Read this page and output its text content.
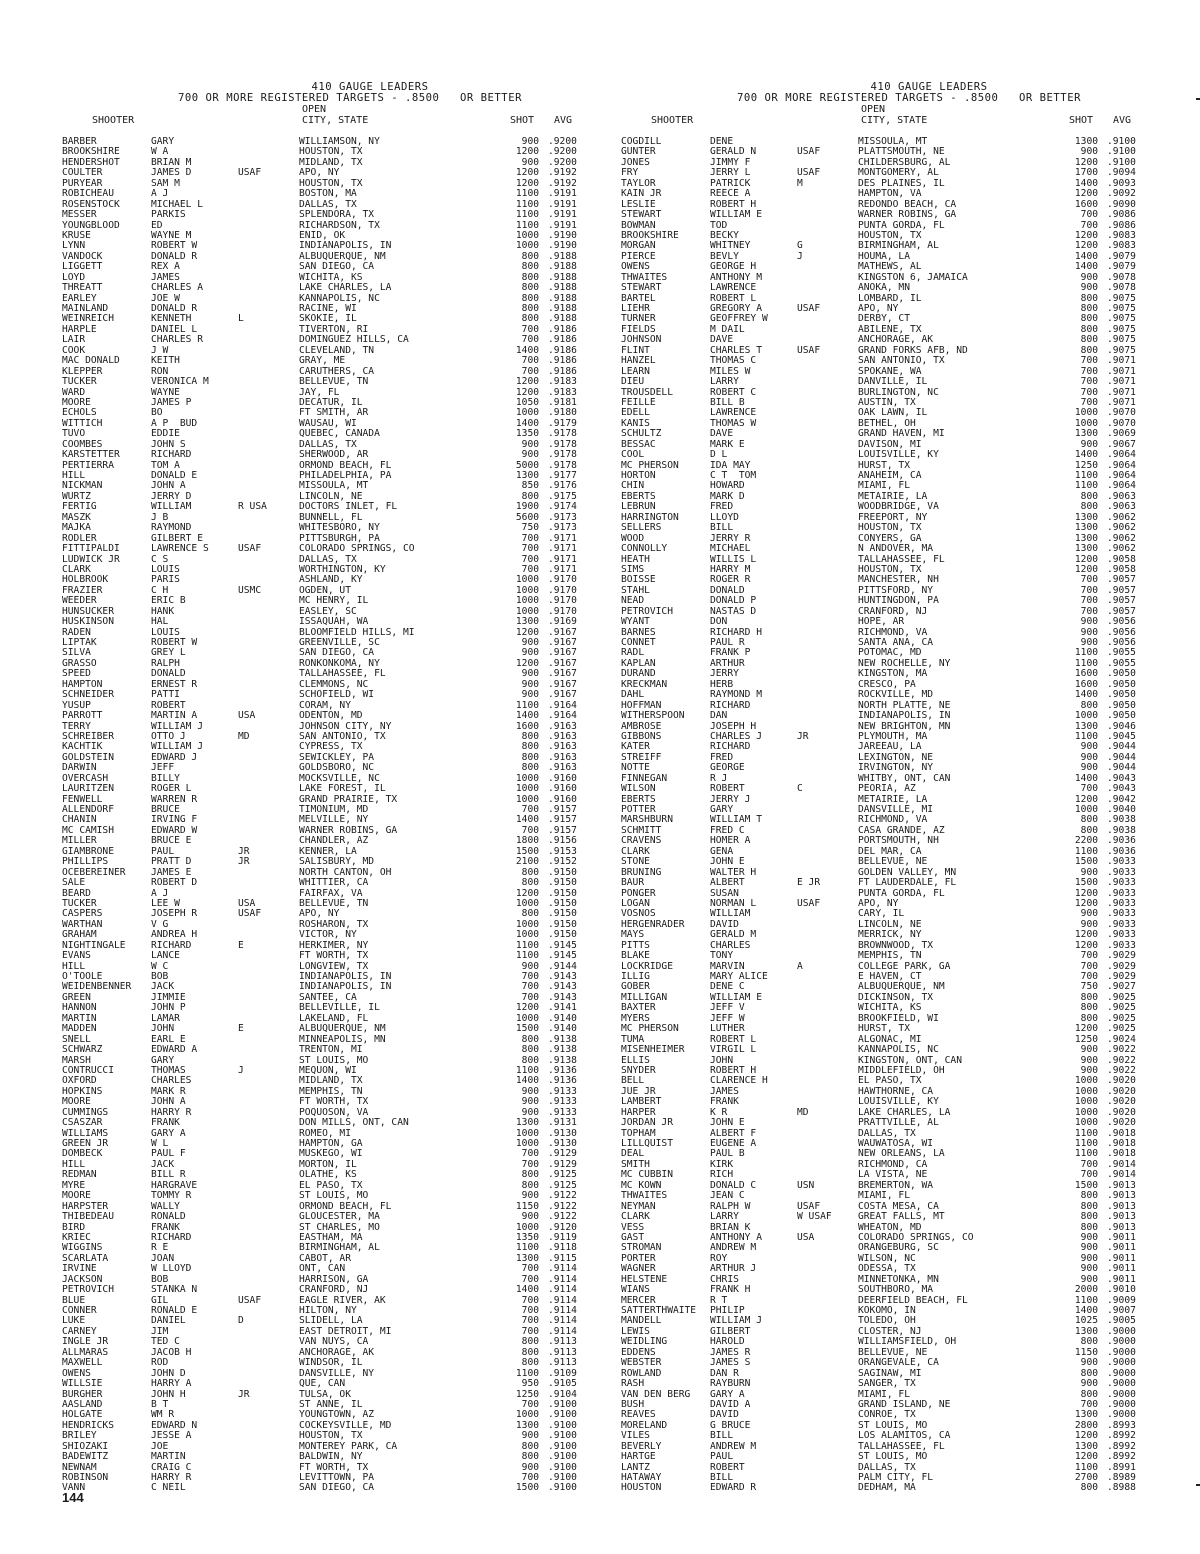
410 GAUGE LEADERS
700 OR MORE REGISTERED TARGETS - .8500   OR BETTER
SHOOTER
OPEN
CITY, STATE	SHOT AVG
BARBER	GARY	WILLIAMSON, NY	900 .9200
BROOKSHIRE	W A	HOUSTON, TX	1200 .9200
HENDERSHOT	BRIAN M	MIDLAND, TX	900 .9200
COULTER	JAMES D	USAF	APO, NY	1200 .9192
PURYEAR	SAM M	HOUSTON, TX	1200 .9192
ROBICHEAU	A J	BOSTON, MA	1100 .9191
ROSENSTOCK	MICHAEL L	DALLAS, TX	1100 .9191
MESSER	PARKIS	SPLENDORA, TX	1100 .9191
YOUNGBLOOD	ED	RICHARDSON, TX	1100 .9191
KRUSE	WAYNE M	ENID, OK	1000 .9190
LYNN	ROBERT W	INDIANAPOLIS, IN	1000 .9190
VANDOCK	DONALD R	ALBUQUERQUE, NM	800 .9188
LIGGETT	REX A	SAN DIEGO, CA	800 .9188
LOYD	JAMES	WICHITA, KS	800 .9188
THREATT	CHARLES A	LAKE CHARLES, LA	800 .9188
EARLEY	JOE W	KANNAPOLIS, NC	800 .9188
MAINLAND	DONALD R	RACINE, WI	800 .9188
WEINREICH	KENNETH	L	SKOKIE, IL	800 .9188
HARPLE	DANIEL L	TIVERTON, RI	700 .9186
LAIR	CHARLES R	DOMINGUEZ HILLS, CA	700 .9186
COOK	J W	CLEVELAND, TN	1400 .9186
MAC DONALD	KEITH	GRAY, ME	700 .9186
KLEPPER	RON	CARUTHERS, CA	700 .9186
TUCKER	VERONICA M	BELLEVUE, TN	1200 .9183
WARD	WAYNE	JAY, FL	1200 .9183
MOORE	JAMES P	DECATUR, IL	1050 .9181
ECHOLS	BO	FT SMITH, AR	1000 .9180
WITTICH	A P  BUD	WAUSAU, WI	1400 .9179
TUVO	EDDIE	QUEBEC, CANADA	1350 .9178
COOMBES	JOHN S	DALLAS, TX	900 .9178
KARSTETTER	RICHARD	SHERWOOD, AR	900 .9178
PERTIERRA	TOM A	ORMOND BEACH, FL	5000 .9178
HILL	DONALD E	PHILADELPHIA, PA	1300 .9177
NICKMAN	JOHN A	MISSOULA, MT	850 .9176
WURTZ	JERRY D	LINCOLN, NE	800 .9175
FERTIG	WILLIAM	R USA	DOCTORS INLET, FL	1900 .9174
MASZK	J B	BUNNELL, FL	5600 .9173
MAJKA	RAYMOND	WHITESBORO, NY	750 .9173
RODLER	GILBERT E	PITTSBURGH, PA	700 .9171
FITTIPALDI	LAWRENCE S	USAF	COLORADO SPRINGS, CO	700 .9171
LUDWICK JR	C S	DALLAS, TX	700 .9171
CLARK	LOUIS	WORTHINGTON, KY	700 .9171
HOLBROOK	PARIS	ASHLAND, KY	1000 .9170
FRAZIER	C H	USMC	OGDEN, UT	1000 .9170
WEEDER	ERIC B	MC HENRY, IL	1000 .9170
HUNSUCKER	HANK	EASLEY, SC	1000 .9170
HUSKINSON	HAL	ISSAQUAH, WA	1300 .9169
RADEN	LOUIS	BLOOMFIELD HILLS, MI	1200 .9167
LIPTAK	ROBERT W	GREENVILLE, SC	900 .9167
SILVA	GREY L	SAN DIEGO, CA	900 .9167
GRASSO	RALPH	RONKONKOMA, NY	1200 .9167
SPEED	DONALD	TALLAHASSEE, FL	900 .9167
HAMPTON	ERNEST R	CLEMMONS, NC	900 .9167
SCHNEIDER	PATTI	SCHOFIELD, WI	900 .9167
YUSUP	ROBERT	CORAM, NY	1100 .9164
PARROTT	MARTIN A	USA	ODENTON, MD	1400 .9164
TERRY	WILLIAM J	JOHNSON CITY, NY	1600 .9163
SCHREIBER	OTTO J	MD	SAN ANTONIO, TX	800 .9163
KACHTIK	WILLIAM J	CYPRESS, TX	800 .9163
GOLDSTEIN	EDWARD J	SEWICKLEY, PA	800 .9163
DARWIN	JEFF	GOLDSBORO, NC	800 .9163
OVERCASH	BILLY	MOCKSVILLE, NC	1000 .9160
LAURITZEN	ROGER L	LAKE FOREST, IL	1000 .9160
FENWELL	WARREN R	GRAND PRAIRIE, TX	1000 .9160
ALLENDORF	BRUCE	TIMONIUM, MD	700 .9157
CHANIN	IRVING F	MELVILLE, NY	1400 .9157
MC CAMISH	EDWARD W	WARNER ROBINS, GA	700 .9157
MILLER	BRUCE E	CHANDLER, AZ	1800 .9156
GIAMBRONE	PAUL	JR	KENNER, LA	1500 .9153
PHILLIPS	PRATT D	JR	SALISBURY, MD	2100 .9152
OCEBEREINER	JAMES E	NORTH CANTON, OH	800 .9150
SALE	ROBERT D	WHITTIER, CA	800 .9150
BEARD	A J	FAIRFAX, VA	1200 .9150
TUCKER	LEE W	USA	BELLEVUE, TN	1000 .9150
CASPERS	JOSEPH R	USAF	APO, NY	800 .9150
WARTHAN	V G	ROSHARON, TX	1000 .9150
GRAHAM	ANDREA H	VICTOR, NY	1000 .9150
NIGHTINGALE	RICHARD	E	HERKIMER, NY	1100 .9145
EVANS	LANCE	FT WORTH, TX	1100 .9145
HILL	W C	LONGVIEW, TX	900 .9144
O'TOOLE	BOB	INDIANAPOLIS, IN	700 .9143
WEIDENBENNER JACK	INDIANAPOLIS, IN	700 .9143
GREEN	JIMMIE	SANTEE, CA	700 .9143
HANNON	JOHN P	BELLEVILLE, IL	1200 .9141
MARTIN	LAMAR	LAKELAND, FL	1000 .9140
MADDEN	JOHN	E	ALBUQUERQUE, NM	1500 .9140
SNELL	EARL E	MINNEAPOLIS, MN	800 .9138
SCHWARZ	EDWARD A	TRENTON, MI	800 .9138
MARSH	GARY	ST LOUIS, MO	800 .9138
CONTRUCCI	THOMAS	J	MEQUON, WI	1100 .9136
OXFORD	CHARLES	MIDLAND, TX	1400 .9136
HOPKINS	MARK R	MEMPHIS, TN	900 .9133
MOORE	JOHN A	FT WORTH, TX	900 .9133
CUMMINGS	HARRY R	POQUOSON, VA	900 .9133
CSASZAR	FRANK	DON MILLS, ONT, CAN	1300 .9131
WILLIAMS	GARY A	ROMEO, MI	1000 .9130
GREEN JR	W L	HAMPTON, GA	1000 .9130
DOMBECK	PAUL F	MUSKEGO, WI	700 .9129
HILL	JACK	MORTON, IL	700 .9129
REDMAN	BILL R	OLATHE, KS	800 .9125
MYRE	HARGRAVE	EL PASO, TX	800 .9125
MOORE	TOMMY R	ST LOUIS, MO	900 .9122
HARPSTER	WALLY	ORMOND BEACH, FL	1150 .9122
THIBEDEAU	RONALD	GLOUCESTER, MA	900 .9122
BIRD	FRANK	ST CHARLES, MO	1000 .9120
KRIEC	RICHARD	EASTHAM, MA	1350 .9119
WIGGINS	R E	BIRMINGHAM, AL	1100 .9118
SCARLATA	JOAN	CABOT, AR	1300 .9115
IRVINE	W LLOYD	ONT, CAN	700 .9114
JACKSON	BOB	HARRISON, GA	700 .9114
PETROVICH	STANKA N	CRANFORD, NJ	1400 .9114
BLUE	GIL	USAF	EAGLE RIVER, AK	700 .9114
CONNER	RONALD E	HILTON, NY	700 .9114
LUKE	DANIEL	D	SLIDELL, LA	700 .9114
CARNEY	JIM	EAST DETROIT, MI	700 .9114
INGLE JR	TED C	VAN NUYS, CA	800 .9113
ALLMARAS	JACOB H	ANCHORAGE, AK	800 .9113
MAXWELL	ROD	WINDSOR, IL	800 .9113
OWENS	JOHN D	DANSVILLE, NY	1100 .9109
WILLSIE	HARRY A	QUE, CAN	950 .9105
BURGHER	JOHN H	JR	TULSA, OK	1250 .9104
AASLAND	B T	ST ANNE, IL	700 .9100
HOLGATE	WM R	YOUNGTOWN, AZ	1000 .9100
HENDRICKS	EDWARD N	COCKEYSVILLE, MD	1300 .9100
BRILEY	JESSE A	HOUSTON, TX	900 .9100
SHIOZAKI	JOE	MONTEREY PARK, CA	800 .9100
BADEWITZ	MARTIN	BALDWIN, NY	800 .9100
NEWNAM	CRAIG C	FT WORTH, TX	900 .9100
ROBINSON	HARRY R	LEVITTOWN, PA	700 .9100
VANN	C NEIL	SAN DIEGO, CA	1500 .9100
410 GAUGE LEADERS
700 OR MORE REGISTERED TARGETS - .8500   OR BETTER
SHOOTER
OPEN
CITY, STATE	SHOT AVG
COGDILL	DENE	MISSOULA, MT	1300 .9100
GUNTER	GERALD N	USAF	PLATTSMOUTH, NE	900 .9100
JONES	JIMMY F	CHILDERSBURG, AL	1200 .9100
FRY	JERRY L	USAF	MONTGOMERY, AL	1700 .9094
TAYLOR	PATRICK	M	DES PLAINES, IL	1400 .9093
KAIN JR	REECE A	HAMPTON, VA	1200 .9092
LESLIE	ROBERT H	REDONDO BEACH, CA	1600 .9090
STEWART	WILLIAM E	WARNER ROBINS, GA	700 .9086
BOWMAN	TOD	PUNTA GORDA, FL	700 .9086
BROOKSHIRE	BECKY	HOUSTON, TX	1200 .9083
MORGAN	WHITNEY	G	BIRMINGHAM, AL	1200 .9083
PIERCE	BEVLY	J	HOUMA, LA	1400 .9079
OWENS	GEORGE H	MATHEWS, AL	1400 .9079
THWAITES	ANTHONY M	KINGSTON 6, JAMAICA	900 .9078
STEWART	LAWRENCE	ANOKA, MN	900 .9078
BARTEL	ROBERT L	LOMBARD, IL	800 .9075
LIEHR	GREGORY A	USAF	APO, NY	800 .9075
TURNER	GEOFFREY W	DERBY, CT	800 .9075
FIELDS	M DAIL	ABILENE, TX	800 .9075
JOHNSON	DAVE	ANCHORAGE, AK	800 .9075
FLINT	CHARLES T	USAF	GRAND FORKS AFB, ND	800 .9075
HANZEL	THOMAS C	SAN ANTONIO, TX	700 .9071
LEARN	MILES W	SPOKANE, WA	700 .9071
DIEU	LARRY	DANVILLE, IL	700 .9071
TROUSDELL	ROBERT C	BURLINGTON, NC	700 .9071
FEILLE	BILL B	AUSTIN, TX	700 .9071
EDELL	LAWRENCE	OAK LAWN, IL	1000 .9070
KANIS	THOMAS W	BETHEL, OH	1000 .9070
SCHULTZ	DAVE	GRAND HAVEN, MI	1300 .9069
BESSAC	MARK E	DAVISON, MI	900 .9067
COOL	D L	LOUISVILLE, KY	1400 .9064
MC PHERSON	IDA MAY	HURST, TX	1250 .9064
HORTON	C T  TOM	ANAHEIM, CA	1100 .9064
CHIN	HOWARD	MIAMI, FL	1100 .9064
EBERTS	MARK D	METAIRIE, LA	800 .9063
LEBRUN	FRED	WOODBRIDGE, VA	800 .9063
HARRINGTON	LLOYD	FREEPORT, NY	1300 .9062
SELLERS	BILL	HOUSTON, TX	1300 .9062
WOOD	JERRY R	CONYERS, GA	1300 .9062
CONNOLLY	MICHAEL	N ANDOVER, MA	1300 .9062
HEATH	WILLIS L	TALLAHASSEE, FL	1200 .9058
SIMS	HARRY M	HOUSTON, TX	1200 .9058
BOISSE	ROGER R	MANCHESTER, NH	700 .9057
STAHL	DONALD	PITTSFORD, NY	700 .9057
NEAD	DONALD P	HUNTINGDON, PA	700 .9057
PETROVICH	NASTAS D	CRANFORD, NJ	700 .9057
WYANT	DON	HOPE, AR	900 .9056
BARNES	RICHARD H	RICHMOND, VA	900 .9056
CONNET	PAUL R	SANTA ANA, CA	900 .9056
RADL	FRANK P	POTOMAC, MD	1100 .9055
KAPLAN	ARTHUR	NEW ROCHELLE, NY	1100 .9055
DURAND	JERRY	KINGSTON, MA	1600 .9050
KRECKMAN	HERB	CRESCO, PA	1600 .9050
DAHL	RAYMOND M	ROCKVILLE, MD	1400 .9050
HOFFMAN	RICHARD	NORTH PLATTE, NE	800 .9050
WITHERSPOON	DAN	INDIANAPOLIS, IN	1000 .9050
AMBROSE	JOSEPH H	NEW BRIGHTON, MN	1300 .9046
GIBBONS	CHARLES J	JR	PLYMOUTH, MA	1100 .9045
KATER	RICHARD	JAREEAU, LA	900 .9044
STREIFF	FRED	LEXINGTON, NE	900 .9044
NOTTE	GEORGE	IRVINGTON, NY	900 .9044
FINNEGAN	R J	WHITBY, ONT, CAN	1400 .9043
WILSON	ROBERT	C	PEORIA, AZ	700 .9043
EBERTS	JERRY J	METAIRIE, LA	1200 .9042
POTTER	GARY	DANSVILLE, MI	1000 .9040
MARSHBURN	WILLIAM T	RICHMOND, VA	800 .9038
SCHMITT	FRED C	CASA GRANDE, AZ	800 .9038
CRAVENS	HOMER A	PORTSMOUTH, NH	2200 .9036
CLARK	GENA	DEL MAR, CA	1100 .9036
STONE	JOHN E	BELLEVUE, NE	1500 .9033
BRUNING	WALTER H	GOLDEN VALLEY, MN	900 .9033
BAUR	ALBERT	E JR	FT LAUDERDALE, FL	1500 .9033
PONGER	SUSAN	PUNTA GORDA, FL	1200 .9033
LOGAN	NORMAN L	USAF	APO, NY	1200 .9033
VOSNOS	WILLIAM	CARY, IL	900 .9033
HERGENRADER	DAVID	LINCOLN, NE	900 .9033
MAYS	GERALD M	MERRICK, NY	1200 .9033
PITTS	CHARLES	BROWNWOOD, TX	1200 .9033
BLAKE	TONY	MEMPHIS, TN	700 .9029
LOCKRIDGE	MARVIN	A	COLLEGE PARK, GA	700 .9029
ILLIG	MARY ALICE	E HAVEN, CT	700 .9029
GOBER	DENE C	ALBUQUERQUE, NM	750 .9027
MILLIGAN	WILLIAM E	DICKINSON, TX	800 .9025
BAXTER	JEFF V	WICHITA, KS	800 .9025
MYERS	JEFF W	BROOKFIELD, WI	800 .9025
MC PHERSON	LUTHER	HURST, TX	1200 .9025
TUMA	ROBERT L	ALGONAC, MI	1250 .9024
MISENHEIMER	VIRGIL L	KANNAPOLIS, NC	900 .9022
ELLIS	JOHN	KINGSTON, ONT, CAN	900 .9022
SNYDER	ROBERT H	MIDDLEFIELD, OH	900 .9022
BELL	CLARENCE H	EL PASO, TX	1000 .9020
JUE JR	JAMES	HAWTHORNE, CA	1000 .9020
LAMBERT	FRANK	LOUISVILLE, KY	1000 .9020
HARPER	K R	MD	LAKE CHARLES, LA	1000 .9020
JORDAN JR	JOHN E	PRATTVILLE, AL	1000 .9020
TOPHAM	ALBERT F	DALLAS, TX	1100 .9018
LILLQUIST	EUGENE A	WAUWATOSA, WI	1100 .9018
DEAL	PAUL B	NEW ORLEANS, LA	1100 .9018
SMITH	KIRK	RICHMOND, CA	700 .9014
MC CUBBIN	RICH	LA VISTA, NE	700 .9014
MC KOWN	DONALD C	USN	BREMERTON, WA	1500 .9013
THWAITES	JEAN C	MIAMI, FL	800 .9013
NEYMAN	RALPH W	USAF	COSTA MESA, CA	800 .9013
CLARK	LARRY	W USAF	GREAT FALLS, MT	800 .9013
VESS	BRIAN K	WHEATON, MD	800 .9013
GAST	ANTHONY A	USA	COLORADO SPRINGS, CO	900 .9011
STROMAN	ANDREW M	ORANGEBURG, SC	900 .9011
PORTER	ROY	WILSON, NC	900 .9011
WAGNER	ARTHUR J	ODESSA, TX	900 .9011
HELSTENE	CHRIS	MINNETONKA, MN	900 .9011
WIANS	FRANK H	SOUTHBORO, MA	2000 .9010
MERCER	R T	DEERFIELD BEACH, FL	1100 .9009
SATTERTHWAITE PHILIP	KOKOMO, IN	1400 .9007
MANDELL	WILLIAM J	TOLEDO, OH	1025 .9005
LEWIS	GILBERT	CLOSTER, NJ	1300 .9000
WEIDLING	HAROLD	WILLIAMSFIELD, OH	800 .9000
EDDENS	JAMES R	BELLEVUE, NE	1150 .9000
WEBSTER	JAMES S	ORANGEVALE, CA	900 .9000
ROWLAND	DAN R	SAGINAW, MI	800 .9000
RASH	RAYBURN	SANGER, TX	900 .9000
VAN DEN BERG GARY A	MIAMI, FL	800 .9000
BUSH	DAVID A	GRAND ISLAND, NE	700 .9000
REAVES	DAVID	CONROE, TX	1300 .9000
MORELAND	G BRUCE	ST LOUIS, MO	2800 .8993
VILES	BILL	LOS ALAMITOS, CA	1200 .8992
BEVERLY	ANDREW M	TALLAHASSEE, FL	1300 .8992
HARTGE	PAUL	ST LOUIS, MO	1200 .8992
LANTZ	ROBERT	DALLAS, TX	1100 .8991
HATAWAY	BILL	PALM CITY, FL	2700 .8989
HOUSTON	EDWARD R	DEDHAM, MA	800 .8988
144
